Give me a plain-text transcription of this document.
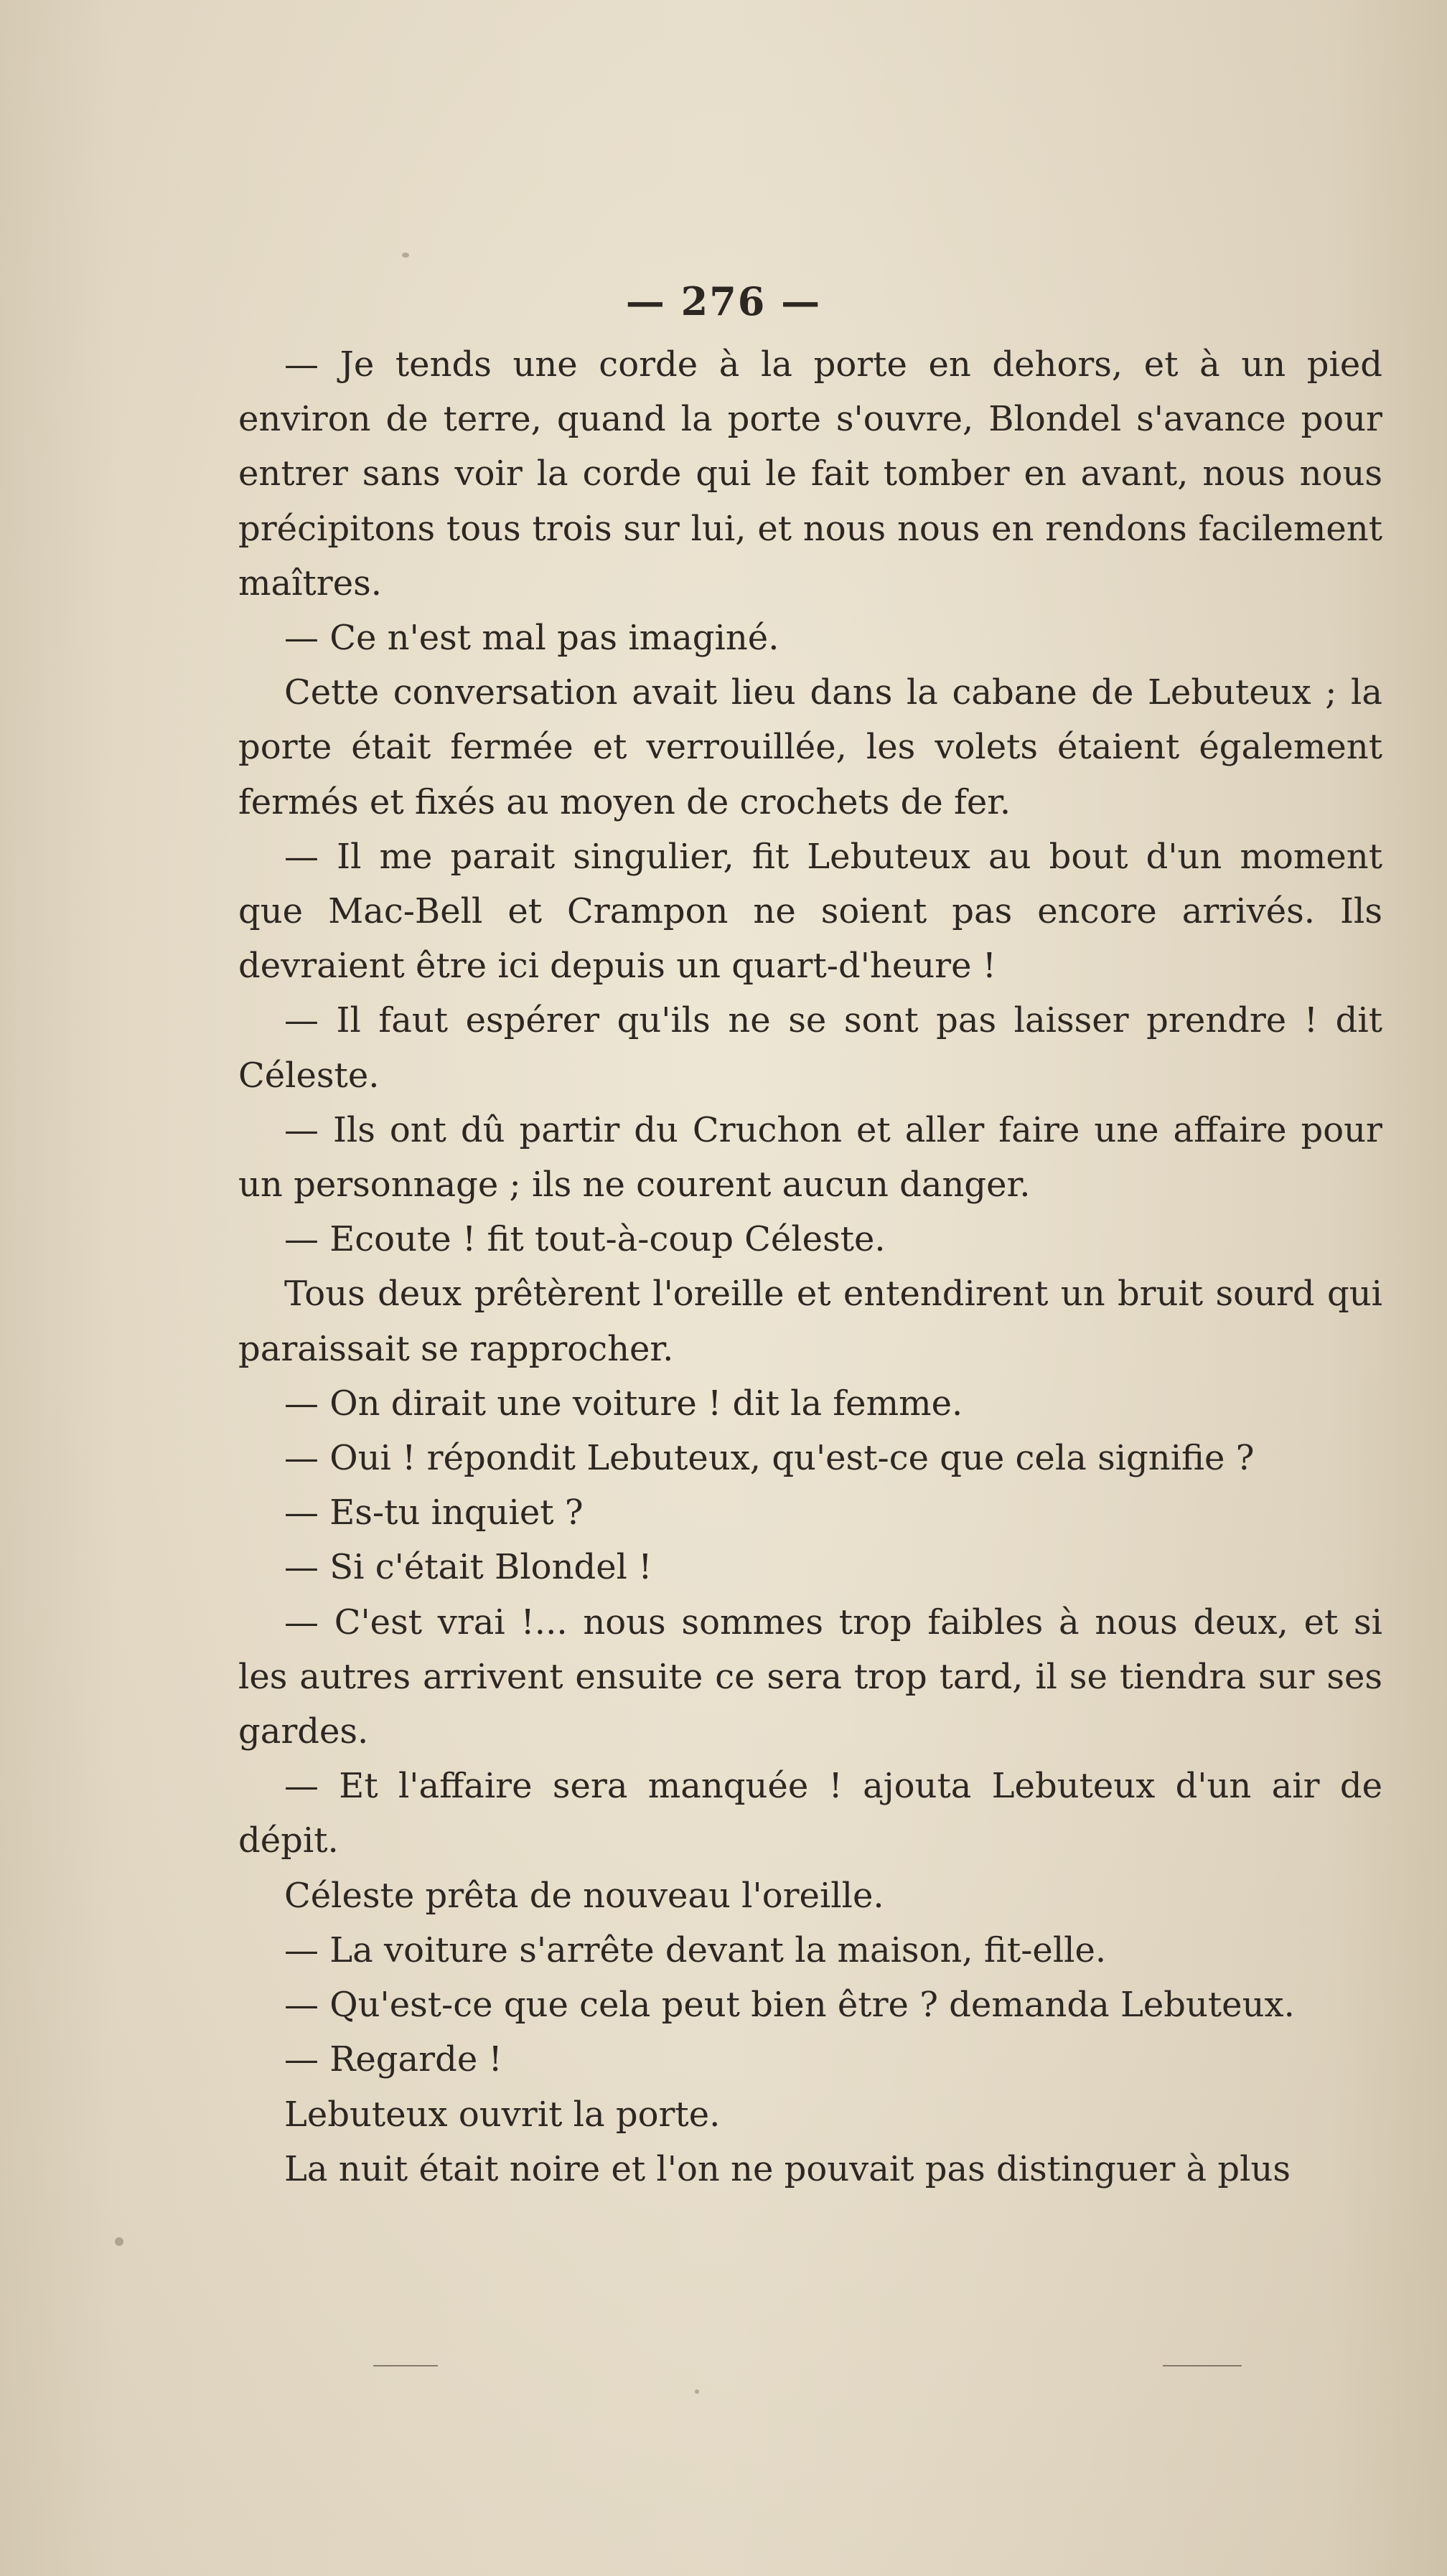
— 276 —

— Je tends une corde à la porte en dehors, et à un pied environ de terre, quand la porte s'ouvre, Blondel s'avance pour entrer sans voir la corde qui le fait tomber en avant, nous nous précipitons tous trois sur lui, et nous nous en rendons facilement maîtres.

— Ce n'est mal pas imaginé.

Cette conversation avait lieu dans la cabane de Lebuteux ; la porte était fermée et verrouillée, les volets étaient également fermés et fixés au moyen de crochets de fer.

— Il me parait singulier, fit Lebuteux au bout d'un moment que Mac-Bell et Crampon ne soient pas encore arrivés. Ils devraient être ici depuis un quart-d'heure !

— Il faut espérer qu'ils ne se sont pas laisser prendre ! dit Céleste.

— Ils ont dû partir du Cruchon et aller faire une affaire pour un personnage ; ils ne courent aucun danger.

— Ecoute ! fit tout-à-coup Céleste.

Tous deux prêtèrent l'oreille et entendirent un bruit sourd qui paraissait se rapprocher.

— On dirait une voiture ! dit la femme.

— Oui ! répondit Lebuteux, qu'est-ce que cela signifie ?

— Es-tu inquiet ?

— Si c'était Blondel !

— C'est vrai !... nous sommes trop faibles à nous deux, et si les autres arrivent ensuite ce sera trop tard, il se tiendra sur ses gardes.

— Et l'affaire sera manquée ! ajouta Lebuteux d'un air de dépit.

Céleste prêta de nouveau l'oreille.

— La voiture s'arrête devant la maison, fit-elle.

— Qu'est-ce que cela peut bien être ? demanda Lebuteux.

— Regarde !

Lebuteux ouvrit la porte.

La nuit était noire et l'on ne pouvait pas distinguer à plus
